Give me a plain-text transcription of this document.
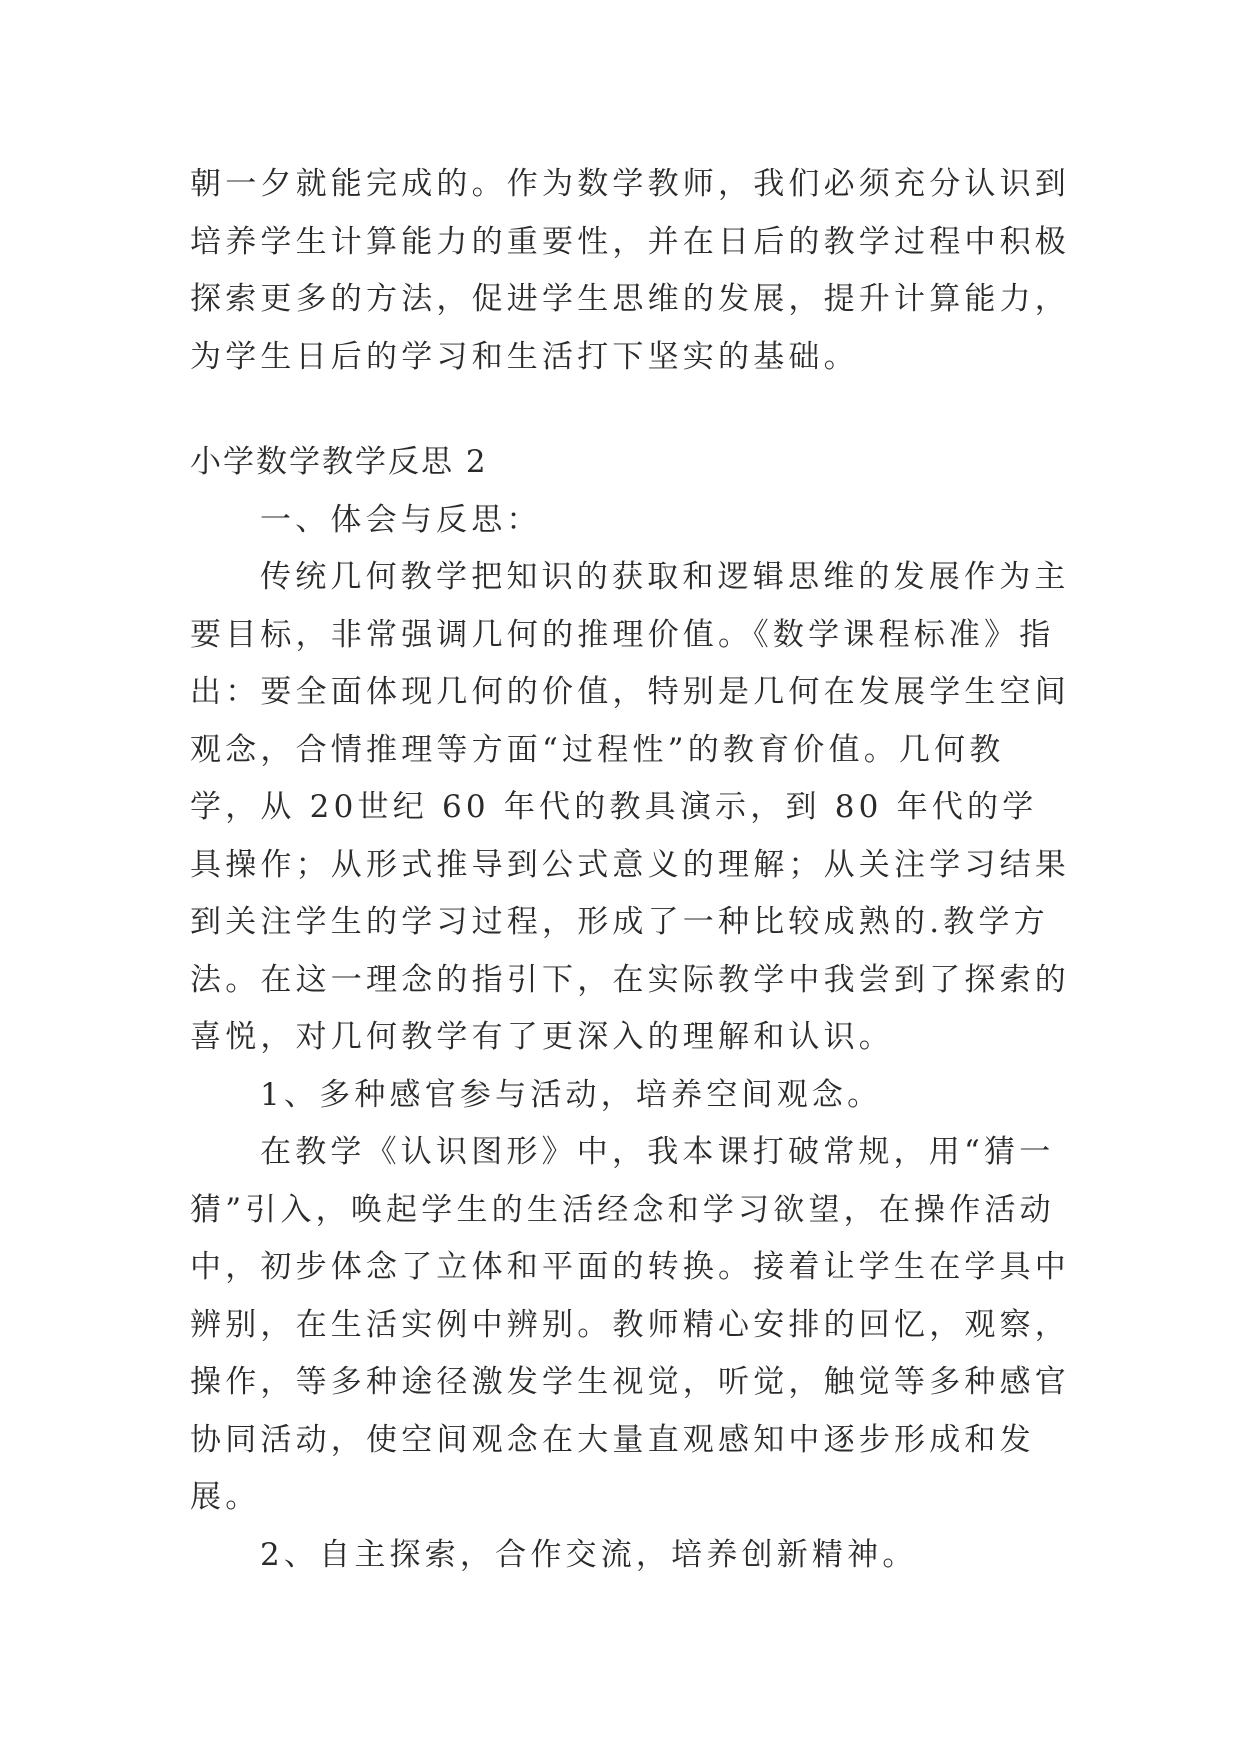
朝一夕就能完成的。作为数学教师，我们必须充分认识到培养学生计算能力的重要性，并在日后的教学过程中积极探索更多的方法，促进学生思维的发展，提升计算能力，为学生日后的学习和生活打下坚实的基础。

小学数学教学反思 2

一、体会与反思：

传统几何教学把知识的获取和逻辑思维的发展作为主要目标，非常强调几何的推理价值。《数学课程标准》指出：要全面体现几何的价值，特别是几何在发展学生空间观念，合情推理等方面“过程性”的教育价值。几何教学，从 20世纪 60 年代的教具演示，到 80 年代的学具操作；从形式推导到公式意义的理解；从关注学习结果到关注学生的学习过程，形成了一种比较成熟的.教学方法。在这一理念的指引下，在实际教学中我尝到了探索的喜悦，对几何教学有了更深入的理解和认识。

1、多种感官参与活动，培养空间观念。

在教学《认识图形》中，我本课打破常规，用“猜一猜”引入，唤起学生的生活经念和学习欲望，在操作活动中，初步体念了立体和平面的转换。接着让学生在学具中辨别，在生活实例中辨别。教师精心安排的回忆，观察，操作，等多种途径激发学生视觉，听觉，触觉等多种感官协同活动，使空间观念在大量直观感知中逐步形成和发展。

2、自主探索，合作交流，培养创新精神。
